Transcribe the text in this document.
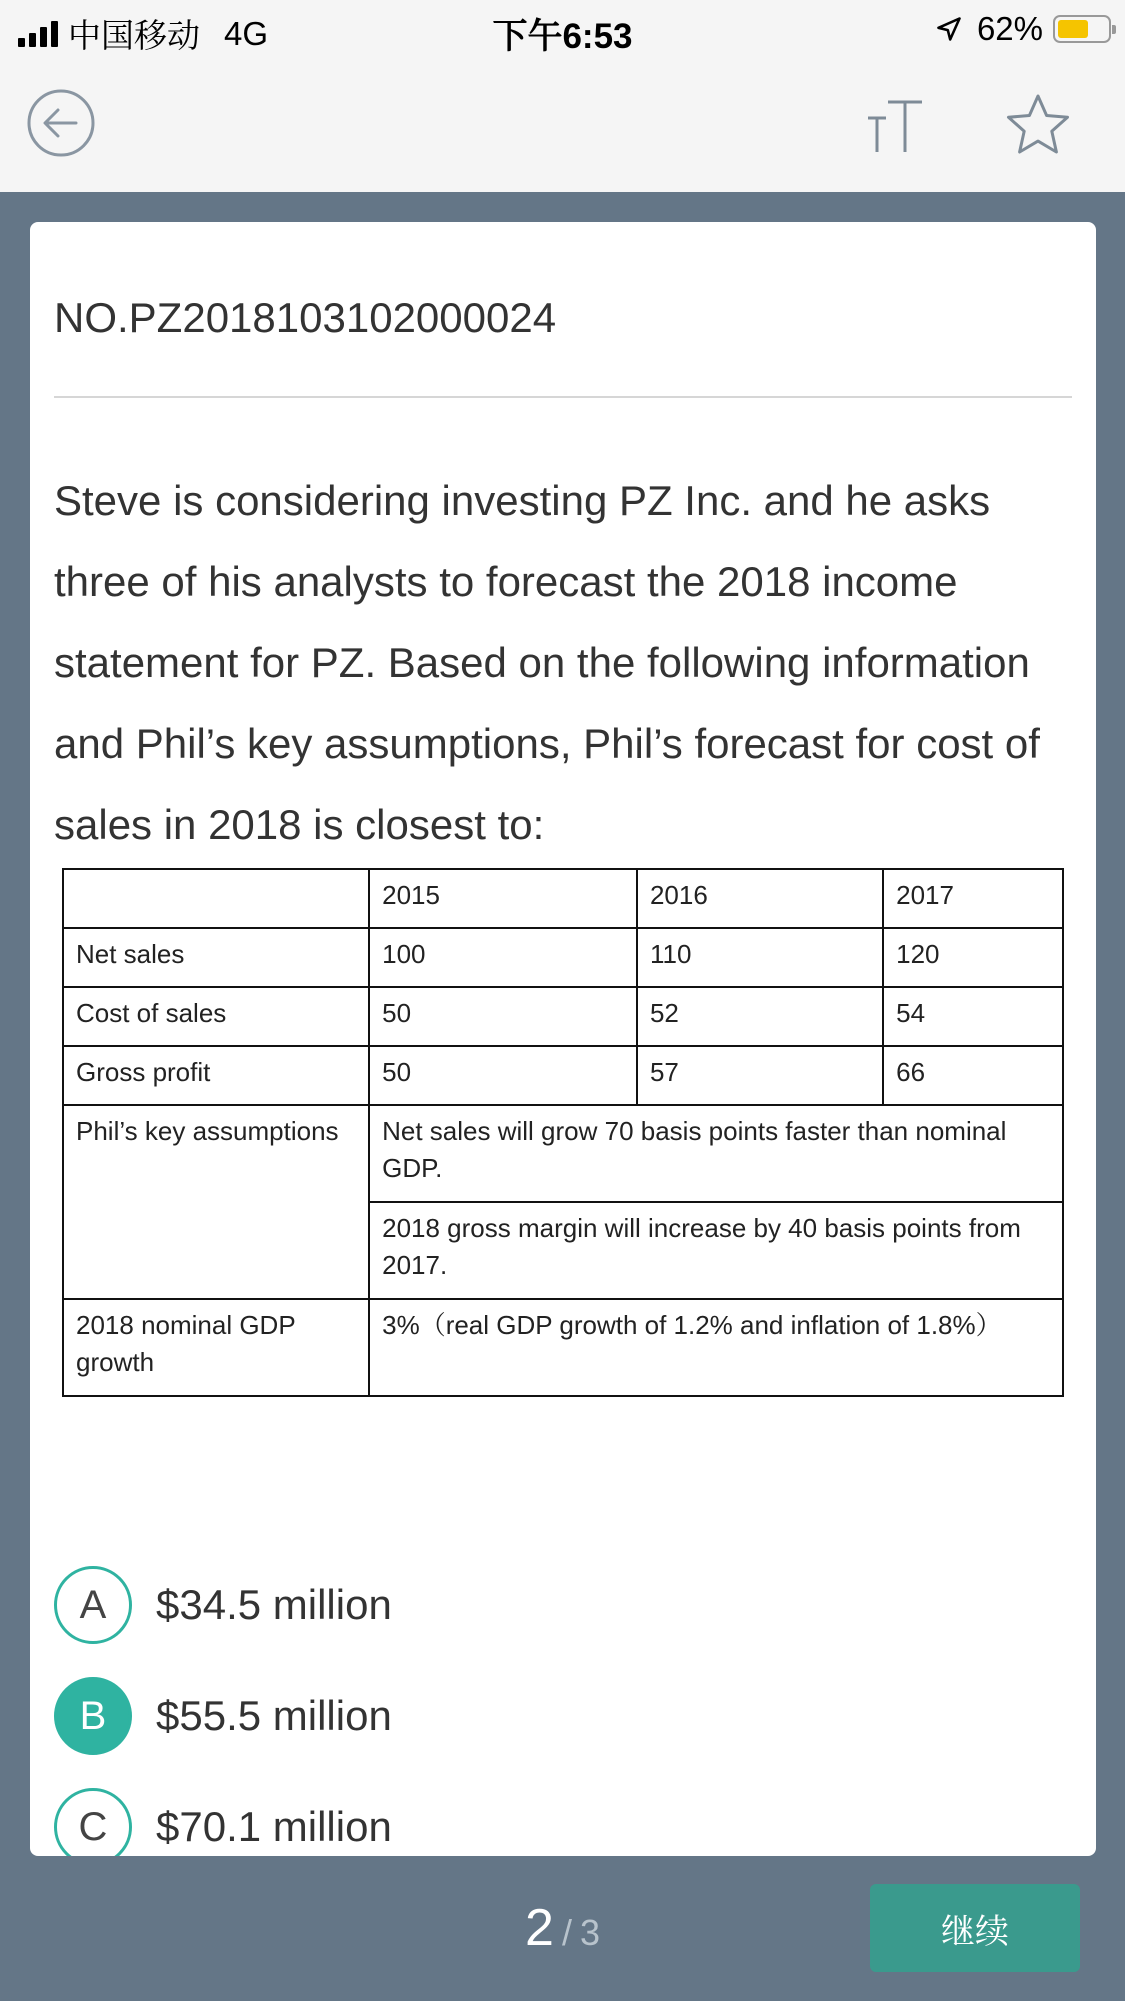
中国移动 4G	下午6:53	62%
NO.PZ2018103102000024
Steve is considering investing PZ Inc. and he asks three of his analysts to forecast the 2018 income statement for PZ. Based on the following information and Phil’s key assumptions, Phil’s forecast for cost of sales in 2018 is closest to:
	2015	2016	2017
Net sales	100	110	120
Cost of sales	50	52	54
Gross profit	50	57	66
Phil’s key assumptions	Net sales will grow 70 basis points faster than nominal GDP.		
	2018 gross margin will increase by 40 basis points from 2017.		
2018 nominal GDP growth	3%（real GDP growth of 1.2% and inflation of 1.8%）		
A	$34.5 million
B	$55.5 million
C	$70.1 million
2 / 3	继续
